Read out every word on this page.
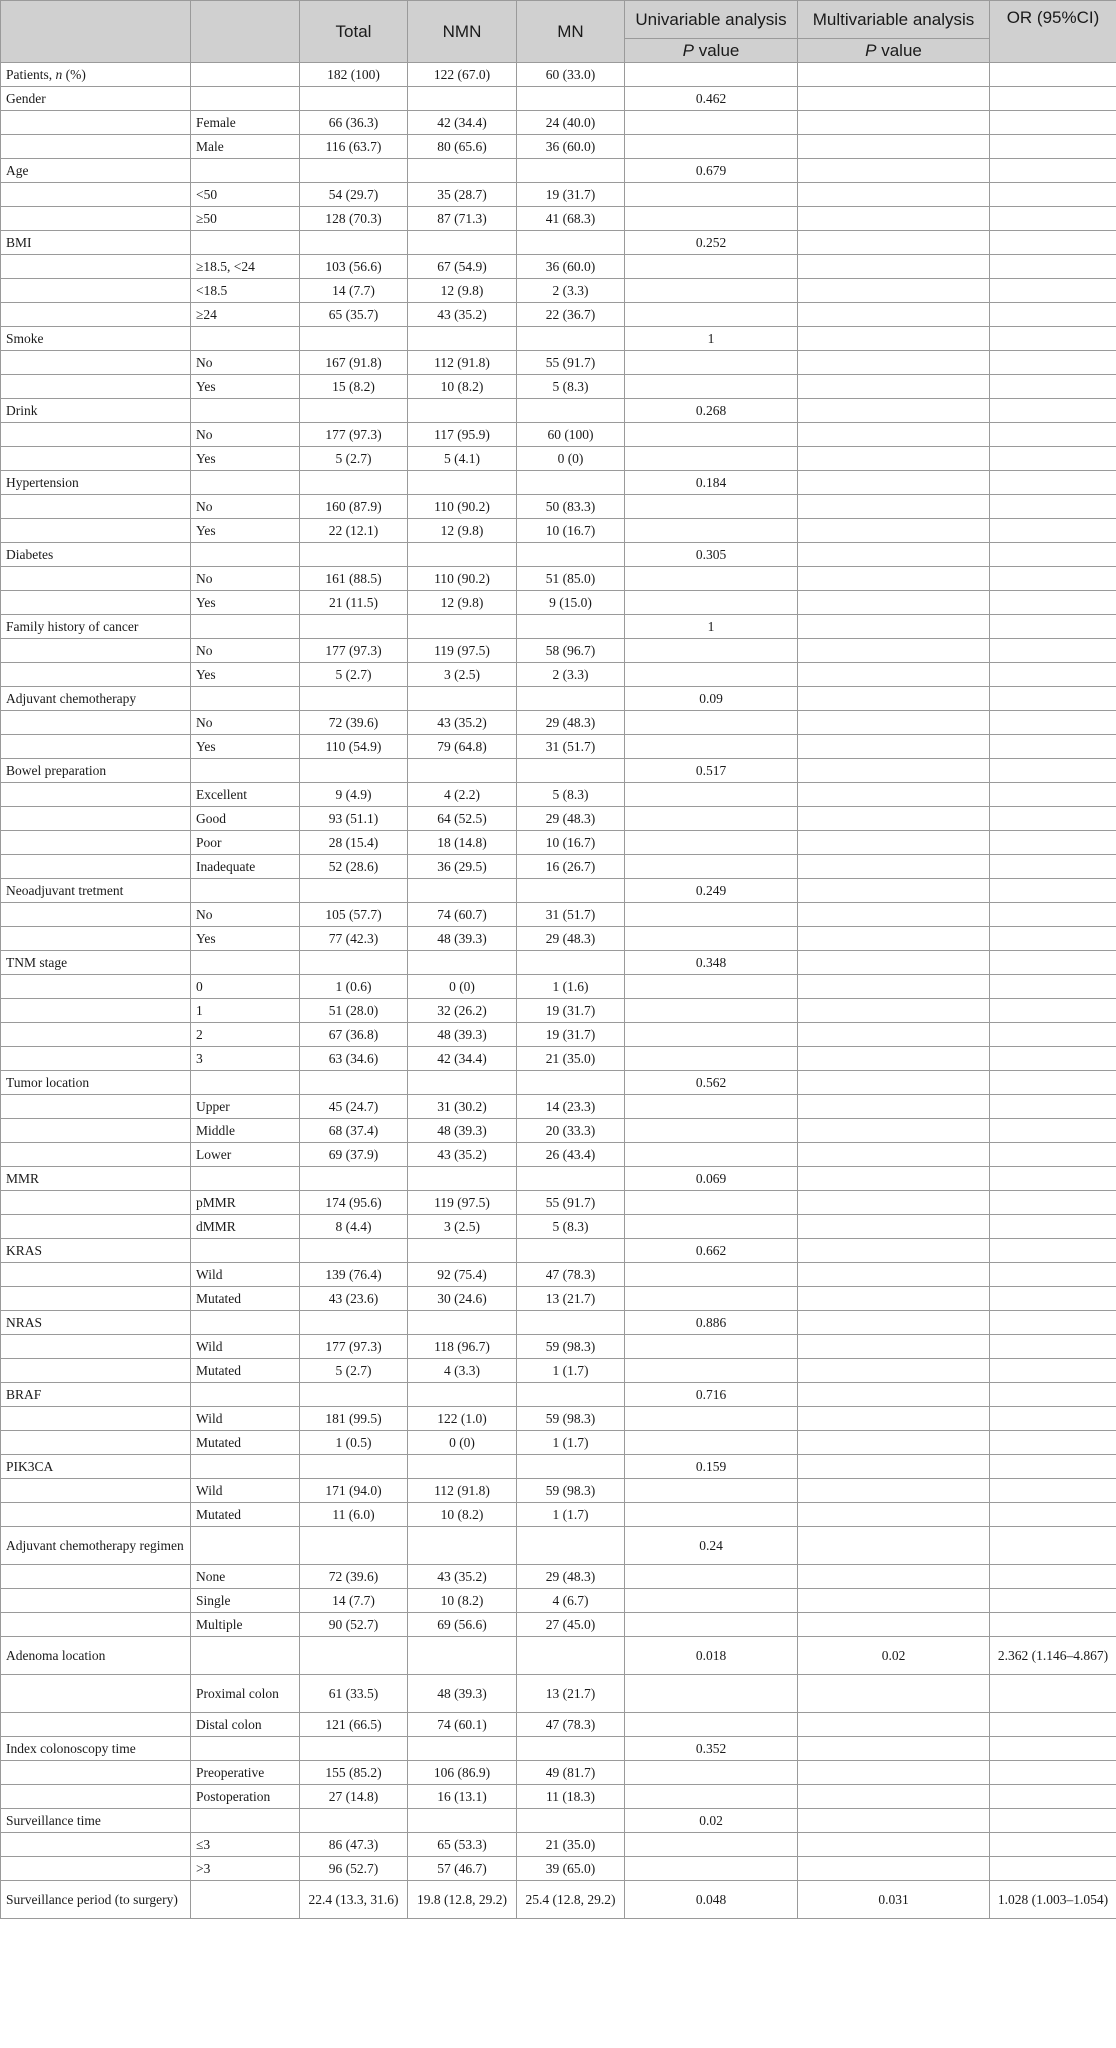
		Total	NMN	MN	Univariable analysis	Multivariable analysis	OR (95%CI)
					P value	P value	
Patients, n (%)		182 (100)	122 (67.0)	60 (33.0)			
Gender					0.462		
	Female	66 (36.3)	42 (34.4)	24 (40.0)			
	Male	116 (63.7)	80 (65.6)	36 (60.0)			
Age					0.679		
	<50	54 (29.7)	35 (28.7)	19 (31.7)			
	≥50	128 (70.3)	87 (71.3)	41 (68.3)			
BMI					0.252		
	≥18.5, <24	103 (56.6)	67 (54.9)	36 (60.0)			
	<18.5	14 (7.7)	12 (9.8)	2 (3.3)			
	≥24	65 (35.7)	43 (35.2)	22 (36.7)			
Smoke					1		
	No	167 (91.8)	112 (91.8)	55 (91.7)			
	Yes	15 (8.2)	10 (8.2)	5 (8.3)			
Drink					0.268		
	No	177 (97.3)	117 (95.9)	60 (100)			
	Yes	5 (2.7)	5 (4.1)	0 (0)			
Hypertension					0.184		
	No	160 (87.9)	110 (90.2)	50 (83.3)			
	Yes	22 (12.1)	12 (9.8)	10 (16.7)			
Diabetes					0.305		
	No	161 (88.5)	110 (90.2)	51 (85.0)			
	Yes	21 (11.5)	12 (9.8)	9 (15.0)			
Family history of cancer					1		
	No	177 (97.3)	119 (97.5)	58 (96.7)			
	Yes	5 (2.7)	3 (2.5)	2 (3.3)			
Adjuvant chemotherapy					0.09		
	No	72 (39.6)	43 (35.2)	29 (48.3)			
	Yes	110 (54.9)	79 (64.8)	31 (51.7)			
Bowel preparation					0.517		
	Excellent	9 (4.9)	4 (2.2)	5 (8.3)			
	Good	93 (51.1)	64 (52.5)	29 (48.3)			
	Poor	28 (15.4)	18 (14.8)	10 (16.7)			
	Inadequate	52 (28.6)	36 (29.5)	16 (26.7)			
Neoadjuvant tretment					0.249		
	No	105 (57.7)	74 (60.7)	31 (51.7)			
	Yes	77 (42.3)	48 (39.3)	29 (48.3)			
TNM stage					0.348		
	0	1 (0.6)	0 (0)	1 (1.6)			
	1	51 (28.0)	32 (26.2)	19 (31.7)			
	2	67 (36.8)	48 (39.3)	19 (31.7)			
	3	63 (34.6)	42 (34.4)	21 (35.0)			
Tumor location					0.562		
	Upper	45 (24.7)	31 (30.2)	14 (23.3)			
	Middle	68 (37.4)	48 (39.3)	20 (33.3)			
	Lower	69 (37.9)	43 (35.2)	26 (43.4)			
MMR					0.069		
	pMMR	174 (95.6)	119 (97.5)	55 (91.7)			
	dMMR	8 (4.4)	3 (2.5)	5 (8.3)			
KRAS					0.662		
	Wild	139 (76.4)	92 (75.4)	47 (78.3)			
	Mutated	43 (23.6)	30 (24.6)	13 (21.7)			
NRAS					0.886		
	Wild	177 (97.3)	118 (96.7)	59 (98.3)			
	Mutated	5 (2.7)	4 (3.3)	1 (1.7)			
BRAF					0.716		
	Wild	181 (99.5)	122 (1.0)	59 (98.3)			
	Mutated	1 (0.5)	0 (0)	1 (1.7)			
PIK3CA					0.159		
	Wild	171 (94.0)	112 (91.8)	59 (98.3)			
	Mutated	11 (6.0)	10 (8.2)	1 (1.7)			
Adjuvant chemotherapy regimen					0.24		
	None	72 (39.6)	43 (35.2)	29 (48.3)			
	Single	14 (7.7)	10 (8.2)	4 (6.7)			
	Multiple	90 (52.7)	69 (56.6)	27 (45.0)			
Adenoma location					0.018	0.02	2.362 (1.146–4.867)
	Proximal colon	61 (33.5)	48 (39.3)	13 (21.7)			
	Distal colon	121 (66.5)	74 (60.1)	47 (78.3)			
Index colonoscopy time					0.352		
	Preoperative	155 (85.2)	106 (86.9)	49 (81.7)			
	Postoperation	27 (14.8)	16 (13.1)	11 (18.3)			
Surveillance time					0.02		
	≤3	86 (47.3)	65 (53.3)	21 (35.0)			
	>3	96 (52.7)	57 (46.7)	39 (65.0)			
Surveillance period (to surgery)		22.4 (13.3, 31.6)	19.8 (12.8, 29.2)	25.4 (12.8, 29.2)	0.048	0.031	1.028 (1.003–1.054)
